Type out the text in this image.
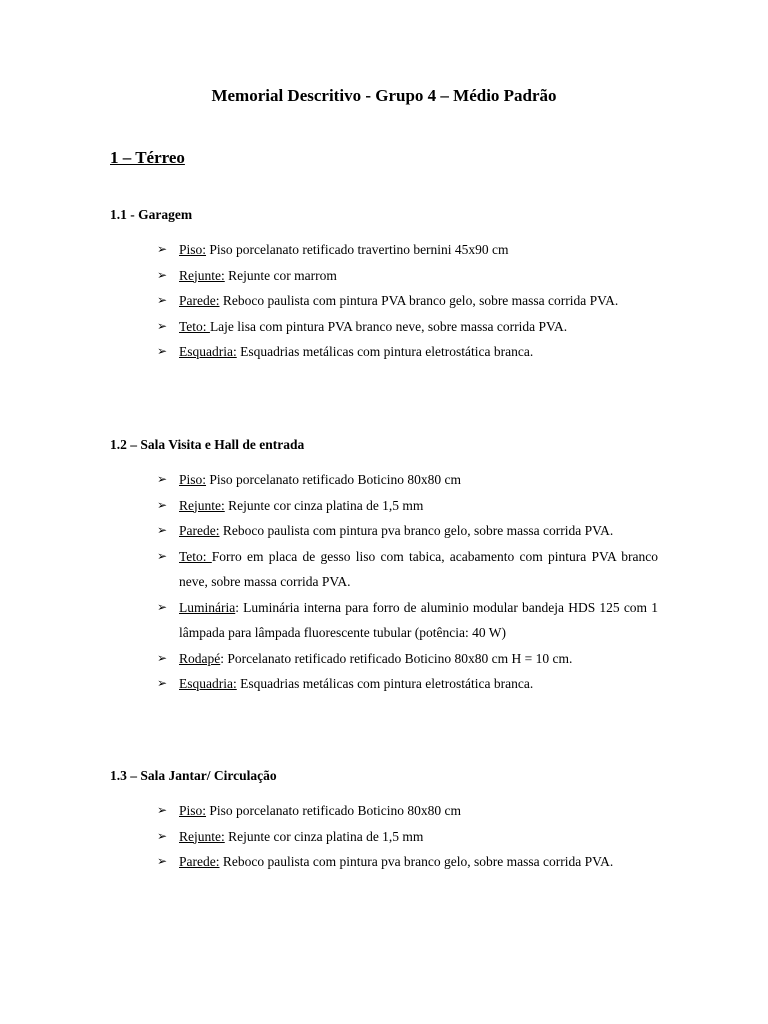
Memorial Descritivo - Grupo 4 – Médio Padrão
1 – Térreo
1.1 - Garagem
➢ Piso: Piso porcelanato retificado travertino bernini 45x90 cm
➢ Rejunte: Rejunte cor marrom
➢ Parede: Reboco paulista com pintura PVA branco gelo, sobre massa corrida PVA.
➢ Teto: Laje lisa com pintura PVA branco neve, sobre massa corrida PVA.
➢ Esquadria: Esquadrias metálicas com pintura eletrostática branca.
1.2 – Sala Visita e Hall de entrada
➢ Piso: Piso porcelanato retificado Boticino 80x80 cm
➢ Rejunte: Rejunte cor cinza platina de 1,5 mm
➢ Parede: Reboco paulista com pintura pva branco gelo, sobre massa corrida PVA.
➢ Teto: Forro em placa de gesso liso com tabica, acabamento com pintura PVA branco neve, sobre massa corrida PVA.
➢ Luminária: Luminária interna para forro de aluminio modular bandeja HDS 125 com 1 lâmpada para lâmpada fluorescente tubular (potência: 40 W)
➢ Rodapé: Porcelanato retificado retificado Boticino 80x80 cm H = 10 cm.
➢ Esquadria: Esquadrias metálicas com pintura eletrostática branca.
1.3 – Sala Jantar/ Circulação
➢ Piso: Piso porcelanato retificado Boticino 80x80 cm
➢ Rejunte: Rejunte cor cinza platina de 1,5 mm
➢ Parede: Reboco paulista com pintura pva branco gelo, sobre massa corrida PVA.
